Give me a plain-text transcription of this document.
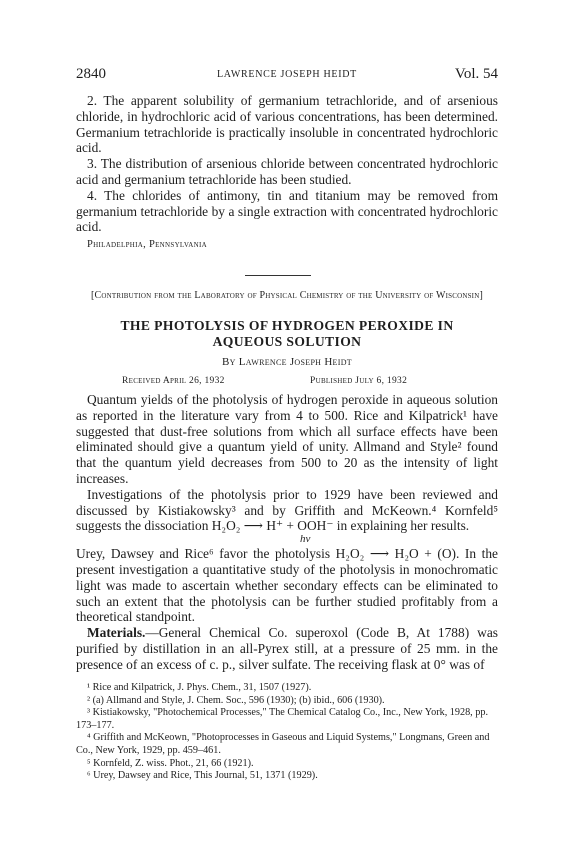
2840	LAWRENCE JOSEPH HEIDT	Vol. 54
2. The apparent solubility of germanium tetrachloride, and of arsenious chloride, in hydrochloric acid of various concentrations, has been determined. Germanium tetrachloride is practically insoluble in concentrated hydrochloric acid.
3. The distribution of arsenious chloride between concentrated hydrochloric acid and germanium tetrachloride has been studied.
4. The chlorides of antimony, tin and titanium may be removed from germanium tetrachloride by a single extraction with concentrated hydrochloric acid.
Philadelphia, Pennsylvania
[Contribution from the Laboratory of Physical Chemistry of the University of Wisconsin]
THE PHOTOLYSIS OF HYDROGEN PEROXIDE IN
AQUEOUS SOLUTION
By Lawrence Joseph Heidt
Received April 26, 1932	Published July 6, 1932
Quantum yields of the photolysis of hydrogen peroxide in aqueous solution as reported in the literature vary from 4 to 500. Rice and Kilpatrick¹ have suggested that dust-free solutions from which all surface effects have been eliminated should give a quantum yield of unity. Allmand and Style² found that the quantum yield decreases from 500 to 20 as the intensity of light increases.
Investigations of the photolysis prior to 1929 have been reviewed and discussed by Kistiakowsky³ and by Griffith and McKeown.⁴ Kornfeld⁵ suggests the dissociation H₂O₂ ⟶ H⁺ + OOH⁻ in explaining her results.
hν
Urey, Dawsey and Rice⁶ favor the photolysis H₂O₂ ⟶ H₂O + (O). In the present investigation a quantitative study of the photolysis in monochromatic light was made to ascertain whether secondary effects can be eliminated to such an extent that the photolysis can be further studied profitably from a theoretical standpoint.
Materials.—General Chemical Co. superoxol (Code B, At 1788) was purified by distillation in an all-Pyrex still, at a pressure of 25 mm. in the presence of an excess of c. p., silver sulfate. The receiving flask at 0° was of
¹ Rice and Kilpatrick, J. Phys. Chem., 31, 1507 (1927).
² (a) Allmand and Style, J. Chem. Soc., 596 (1930); (b) ibid., 606 (1930).
³ Kistiakowsky, "Photochemical Processes," The Chemical Catalog Co., Inc., New York, 1928, pp. 173–177.
⁴ Griffith and McKeown, "Photoprocesses in Gaseous and Liquid Systems," Longmans, Green and Co., New York, 1929, pp. 459–461.
⁵ Kornfeld, Z. wiss. Phot., 21, 66 (1921).
⁶ Urey, Dawsey and Rice, This Journal, 51, 1371 (1929).
